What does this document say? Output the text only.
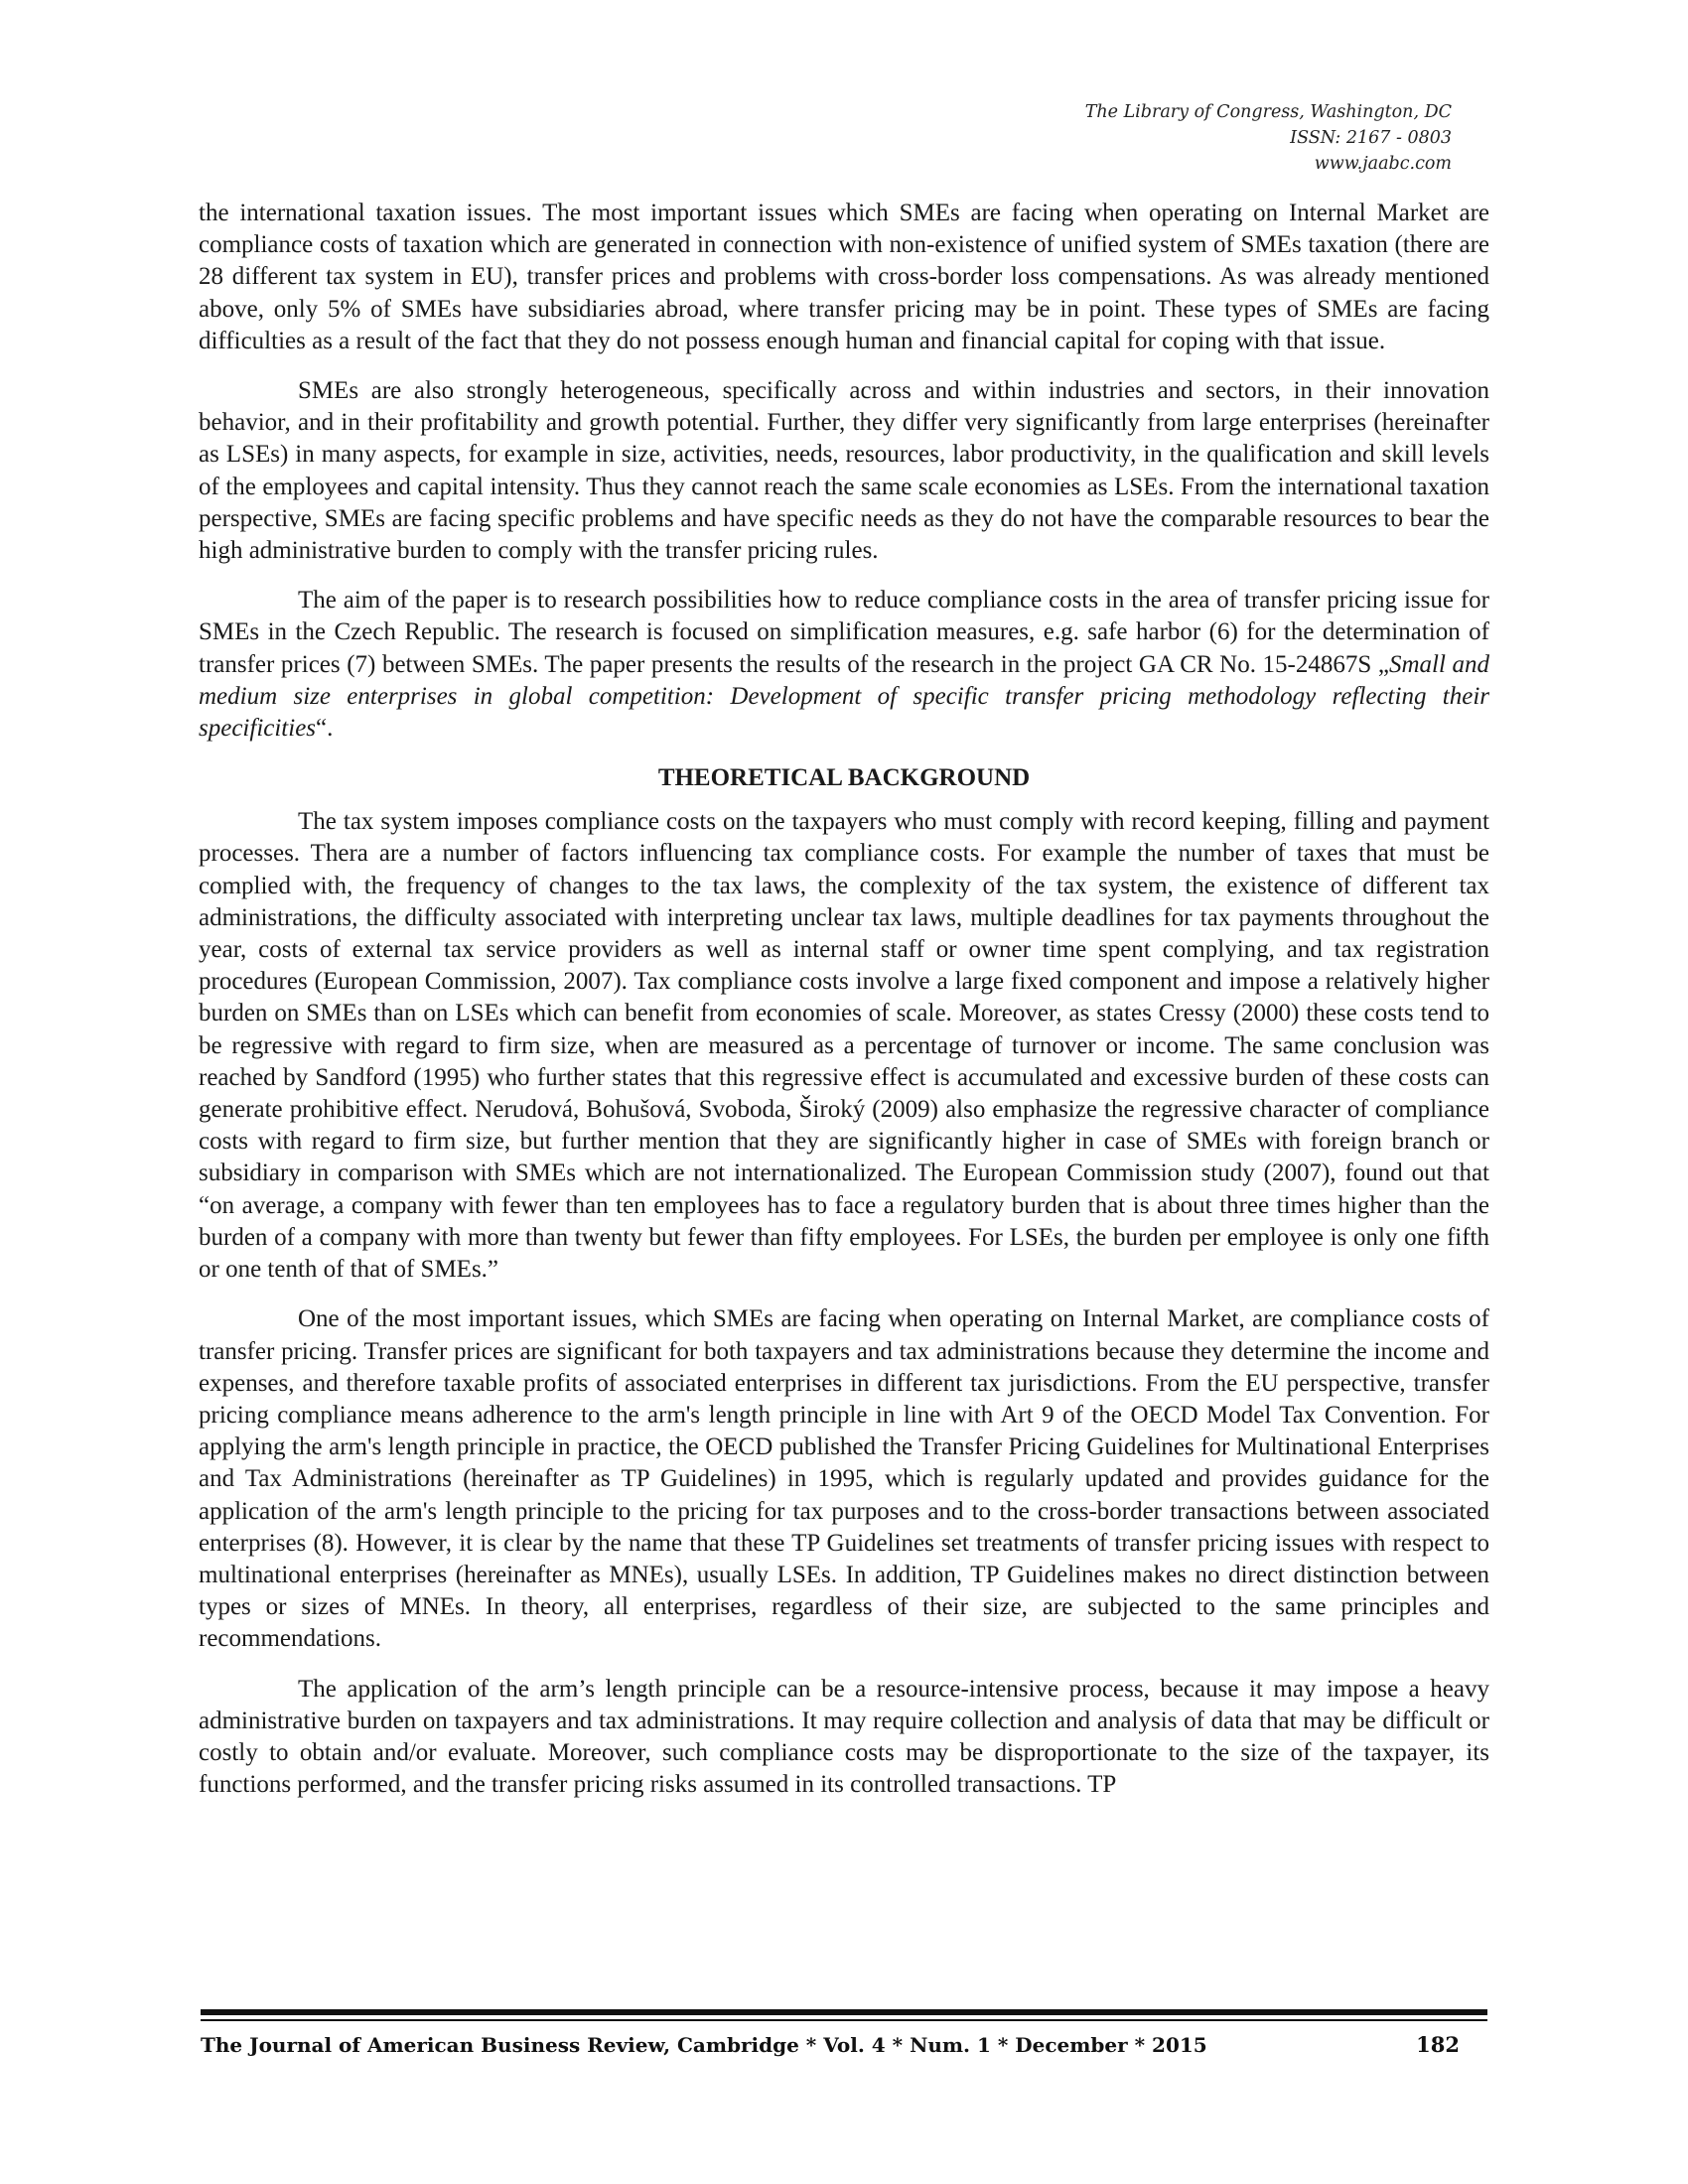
The Library of Congress, Washington, DC
ISSN: 2167 - 0803
www.jaabc.com

the international taxation issues. The most important issues which SMEs are facing when operating on Internal Market are compliance costs of taxation which are generated in connection with non-existence of unified system of SMEs taxation (there are 28 different tax system in EU), transfer prices and problems with cross-border loss compensations. As was already mentioned above, only 5% of SMEs have subsidiaries abroad, where transfer pricing may be in point. These types of SMEs are facing difficulties as a result of the fact that they do not possess enough human and financial capital for coping with that issue.

SMEs are also strongly heterogeneous, specifically across and within industries and sectors, in their innovation behavior, and in their profitability and growth potential. Further, they differ very significantly from large enterprises (hereinafter as LSEs) in many aspects, for example in size, activities, needs, resources, labor productivity, in the qualification and skill levels of the employees and capital intensity. Thus they cannot reach the same scale economies as LSEs. From the international taxation perspective, SMEs are facing specific problems and have specific needs as they do not have the comparable resources to bear the high administrative burden to comply with the transfer pricing rules.

The aim of the paper is to research possibilities how to reduce compliance costs in the area of transfer pricing issue for SMEs in the Czech Republic. The research is focused on simplification measures, e.g. safe harbor (6) for the determination of transfer prices (7) between SMEs. The paper presents the results of the research in the project GA CR No. 15-24867S „Small and medium size enterprises in global competition: Development of specific transfer pricing methodology reflecting their specificities“.

THEORETICAL BACKGROUND

The tax system imposes compliance costs on the taxpayers who must comply with record keeping, filling and payment processes. Thera are a number of factors influencing tax compliance costs. For example the number of taxes that must be complied with, the frequency of changes to the tax laws, the complexity of the tax system, the existence of different tax administrations, the difficulty associated with interpreting unclear tax laws, multiple deadlines for tax payments throughout the year, costs of external tax service providers as well as internal staff or owner time spent complying, and tax registration procedures (European Commission, 2007). Tax compliance costs involve a large fixed component and impose a relatively higher burden on SMEs than on LSEs which can benefit from economies of scale. Moreover, as states Cressy (2000) these costs tend to be regressive with regard to firm size, when are measured as a percentage of turnover or income. The same conclusion was reached by Sandford (1995) who further states that this regressive effect is accumulated and excessive burden of these costs can generate prohibitive effect. Nerudová, Bohušová, Svoboda, Široký (2009) also emphasize the regressive character of compliance costs with regard to firm size, but further mention that they are significantly higher in case of SMEs with foreign branch or subsidiary in comparison with SMEs which are not internationalized. The European Commission study (2007), found out that “on average, a company with fewer than ten employees has to face a regulatory burden that is about three times higher than the burden of a company with more than twenty but fewer than fifty employees. For LSEs, the burden per employee is only one fifth or one tenth of that of SMEs.”

One of the most important issues, which SMEs are facing when operating on Internal Market, are compliance costs of transfer pricing. Transfer prices are significant for both taxpayers and tax administrations because they determine the income and expenses, and therefore taxable profits of associated enterprises in different tax jurisdictions. From the EU perspective, transfer pricing compliance means adherence to the arm's length principle in line with Art 9 of the OECD Model Tax Convention. For applying the arm's length principle in practice, the OECD published the Transfer Pricing Guidelines for Multinational Enterprises and Tax Administrations (hereinafter as TP Guidelines) in 1995, which is regularly updated and provides guidance for the application of the arm's length principle to the pricing for tax purposes and to the cross-border transactions between associated enterprises (8). However, it is clear by the name that these TP Guidelines set treatments of transfer pricing issues with respect to multinational enterprises (hereinafter as MNEs), usually LSEs. In addition, TP Guidelines makes no direct distinction between types or sizes of MNEs. In theory, all enterprises, regardless of their size, are subjected to the same principles and recommendations.

The application of the arm’s length principle can be a resource-intensive process, because it may impose a heavy administrative burden on taxpayers and tax administrations. It may require collection and analysis of data that may be difficult or costly to obtain and/or evaluate. Moreover, such compliance costs may be disproportionate to the size of the taxpayer, its functions performed, and the transfer pricing risks assumed in its controlled transactions. TP

The Journal of American Business Review, Cambridge * Vol. 4 * Num. 1 * December * 2015	182
